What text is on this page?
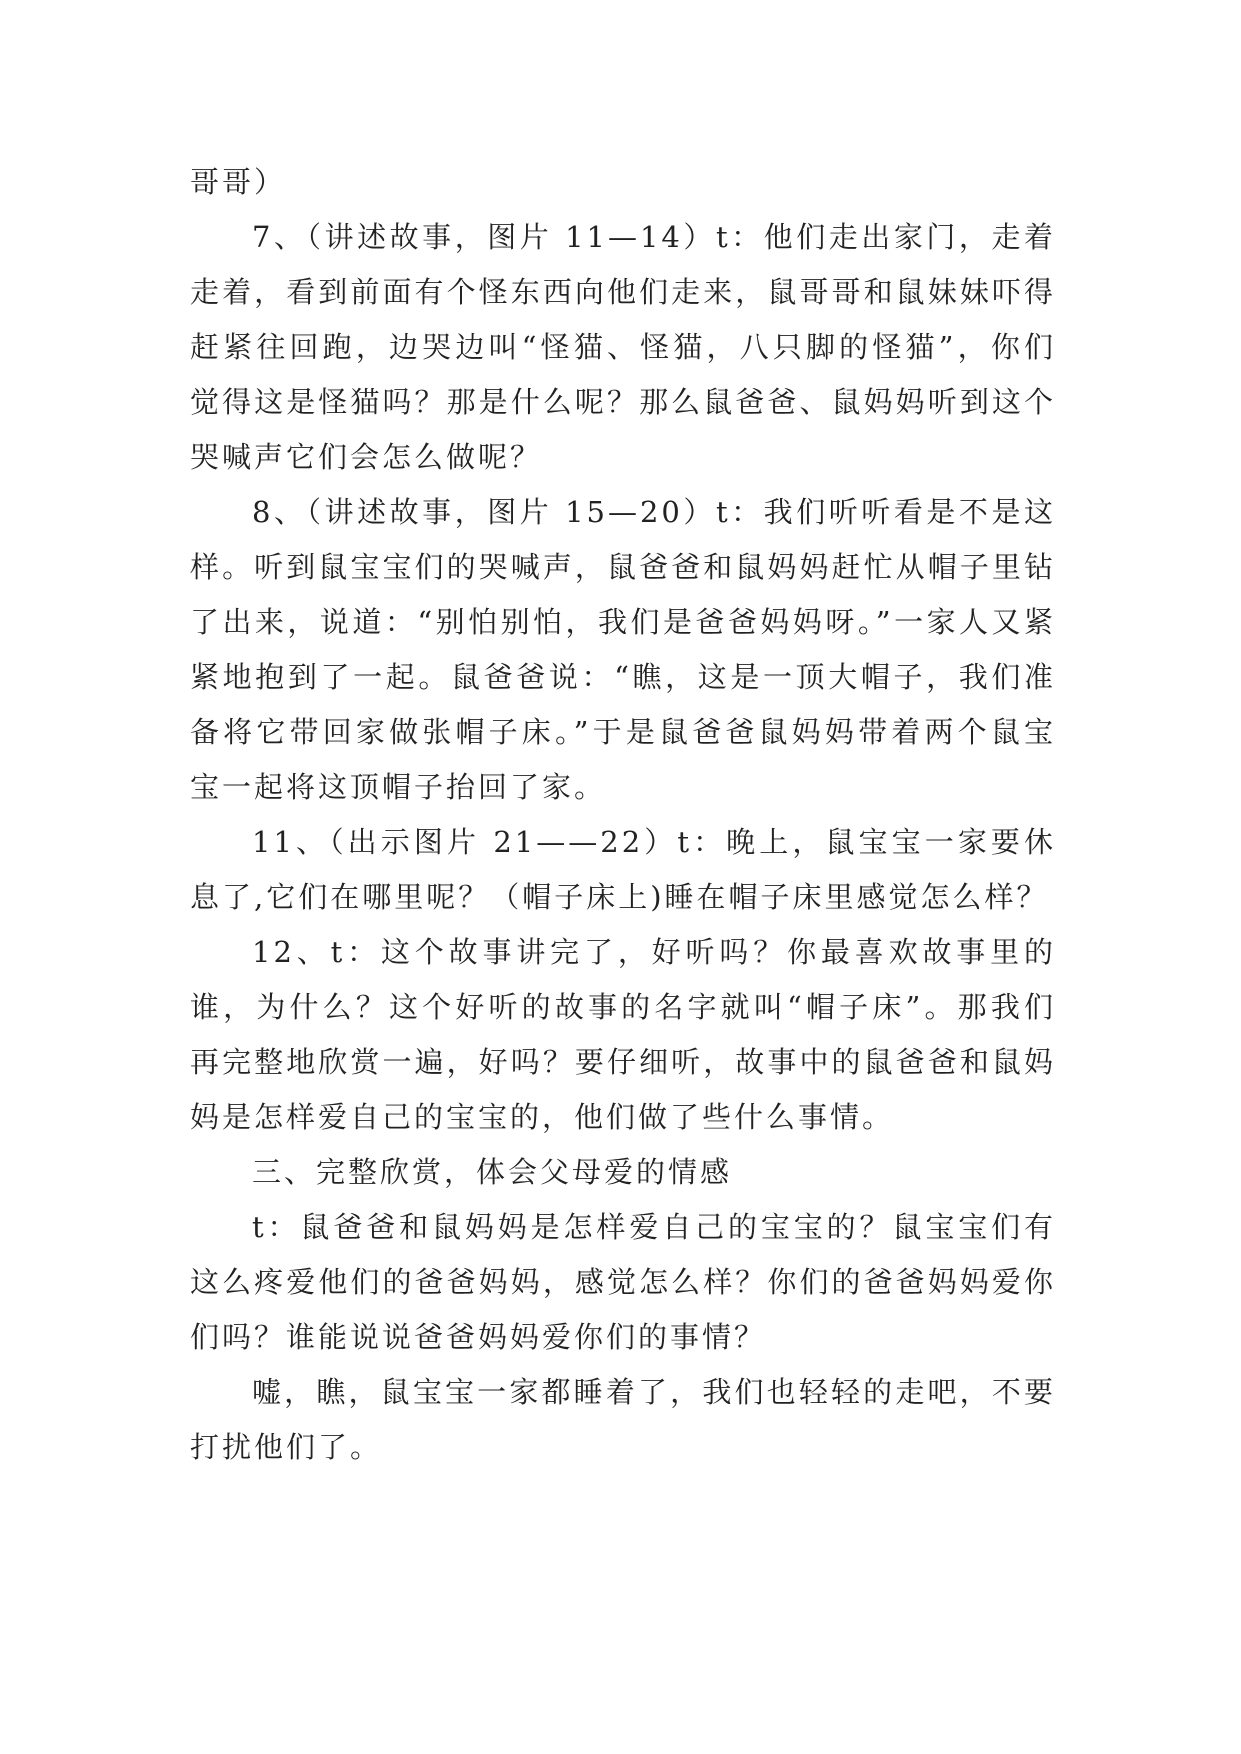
哥哥）

7、（讲述故事，图片 11—14）t：他们走出家门，走着走着，看到前面有个怪东西向他们走来，鼠哥哥和鼠妹妹吓得赶紧往回跑，边哭边叫“怪猫、怪猫，八只脚的怪猫”，你们觉得这是怪猫吗？那是什么呢？那么鼠爸爸、鼠妈妈听到这个哭喊声它们会怎么做呢？

8、（讲述故事，图片 15—20）t：我们听听看是不是这样。听到鼠宝宝们的哭喊声，鼠爸爸和鼠妈妈赶忙从帽子里钻了出来，说道：“别怕别怕，我们是爸爸妈妈呀。”一家人又紧紧地抱到了一起。鼠爸爸说：“瞧，这是一顶大帽子，我们准备将它带回家做张帽子床。”于是鼠爸爸鼠妈妈带着两个鼠宝宝一起将这顶帽子抬回了家。

11、（出示图片 21——22）t：晚上，鼠宝宝一家要休息了,它们在哪里呢？（帽子床上)睡在帽子床里感觉怎么样？

12、t：这个故事讲完了，好听吗？你最喜欢故事里的谁，为什么？这个好听的故事的名字就叫“帽子床”。那我们再完整地欣赏一遍，好吗？要仔细听，故事中的鼠爸爸和鼠妈妈是怎样爱自己的宝宝的，他们做了些什么事情。

三、完整欣赏，体会父母爱的情感

t：鼠爸爸和鼠妈妈是怎样爱自己的宝宝的？鼠宝宝们有这么疼爱他们的爸爸妈妈，感觉怎么样？你们的爸爸妈妈爱你们吗？谁能说说爸爸妈妈爱你们的事情？

嘘，瞧，鼠宝宝一家都睡着了，我们也轻轻的走吧，不要打扰他们了。
